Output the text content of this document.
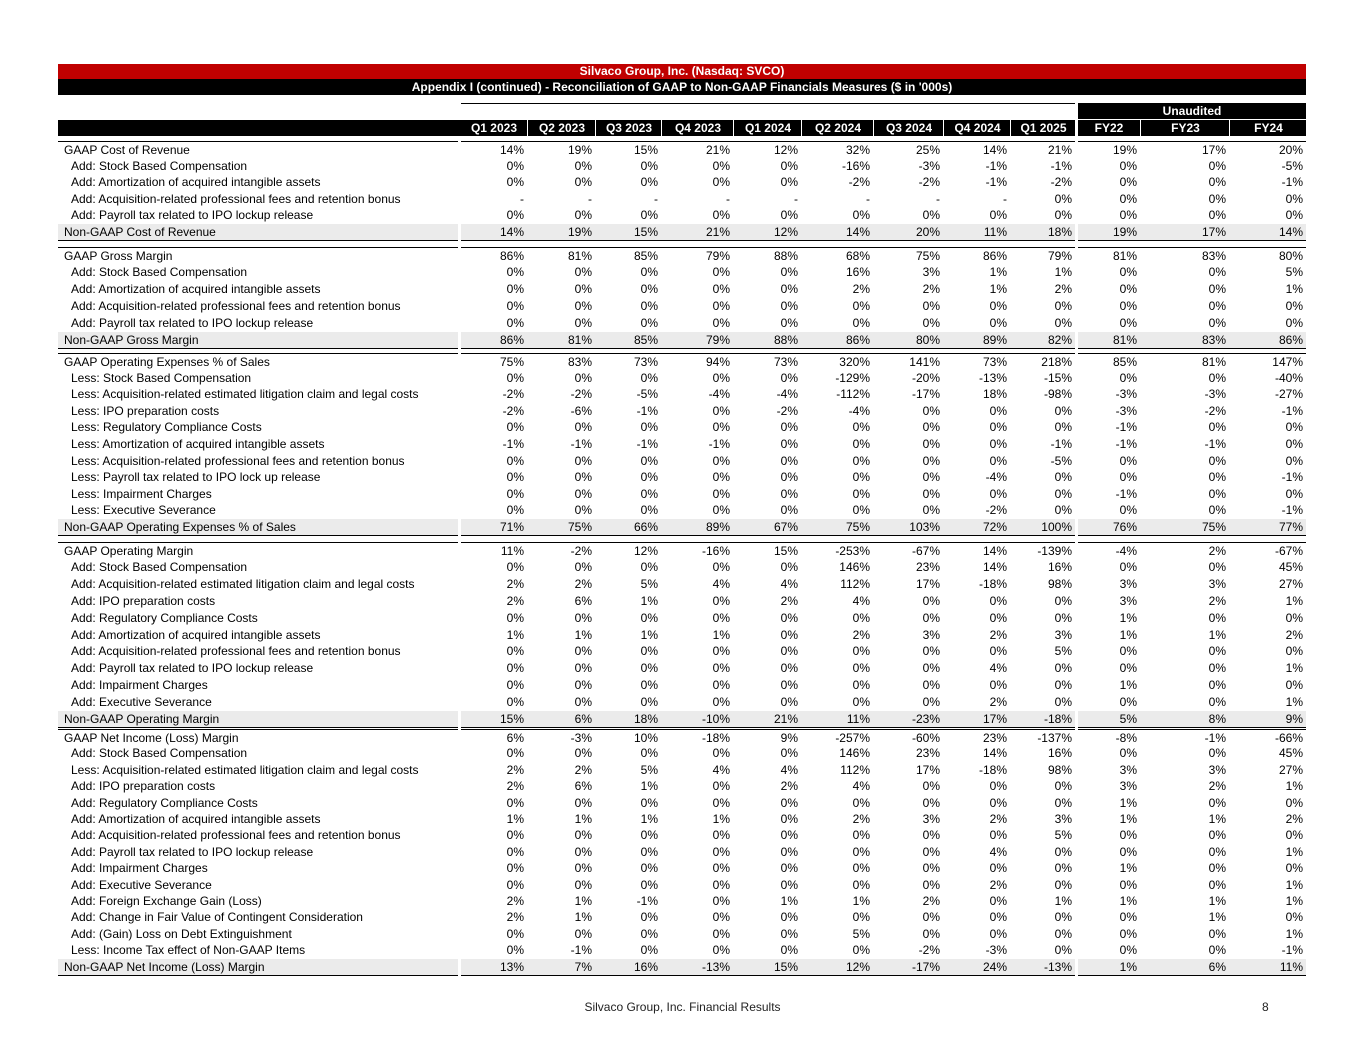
Silvaco Group, Inc. (Nasdaq: SVCO)
Appendix I (continued) - Reconciliation of GAAP to Non-GAAP Financials Measures ($ in '000s)
Unaudited
Q1 2023	Q2 2023	Q3 2023	Q4 2023	Q1 2024	Q2 2024	Q3 2024	Q4 2024	Q1 2025	FY22	FY23	FY24
GAAP Cost of Revenue	14%	19%	15%	21%	12%	32%	25%	14%	21%	19%	17%	20%
Add: Stock Based Compensation	0%	0%	0%	0%	0%	-16%	-3%	-1%	-1%	0%	0%	-5%
Add: Amortization of acquired intangible assets	0%	0%	0%	0%	0%	-2%	-2%	-1%	-2%	0%	0%	-1%
Add: Acquisition-related professional fees and retention bonus	-	-	-	-	-	-	-	-	0%	0%	0%	0%
Add: Payroll tax related to IPO lockup release	0%	0%	0%	0%	0%	0%	0%	0%	0%	0%	0%	0%
Non-GAAP Cost of Revenue	14%	19%	15%	21%	12%	14%	20%	11%	18%	19%	17%	14%
GAAP Gross Margin	86%	81%	85%	79%	88%	68%	75%	86%	79%	81%	83%	80%
Add: Stock Based Compensation	0%	0%	0%	0%	0%	16%	3%	1%	1%	0%	0%	5%
Add: Amortization of acquired intangible assets	0%	0%	0%	0%	0%	2%	2%	1%	2%	0%	0%	1%
Add: Acquisition-related professional fees and retention bonus	0%	0%	0%	0%	0%	0%	0%	0%	0%	0%	0%	0%
Add: Payroll tax related to IPO lockup release	0%	0%	0%	0%	0%	0%	0%	0%	0%	0%	0%	0%
Non-GAAP Gross Margin	86%	81%	85%	79%	88%	86%	80%	89%	82%	81%	83%	86%
GAAP Operating Expenses % of Sales	75%	83%	73%	94%	73%	320%	141%	73%	218%	85%	81%	147%
Less: Stock Based Compensation	0%	0%	0%	0%	0%	-129%	-20%	-13%	-15%	0%	0%	-40%
Less: Acquisition-related estimated litigation claim and legal costs	-2%	-2%	-5%	-4%	-4%	-112%	-17%	18%	-98%	-3%	-3%	-27%
Less: IPO preparation costs	-2%	-6%	-1%	0%	-2%	-4%	0%	0%	0%	-3%	-2%	-1%
Less: Regulatory Compliance Costs	0%	0%	0%	0%	0%	0%	0%	0%	0%	-1%	0%	0%
Less: Amortization of acquired intangible assets	-1%	-1%	-1%	-1%	0%	0%	0%	0%	-1%	-1%	-1%	0%
Less: Acquisition-related professional fees and retention bonus	0%	0%	0%	0%	0%	0%	0%	0%	-5%	0%	0%	0%
Less: Payroll tax related to IPO lock up release	0%	0%	0%	0%	0%	0%	0%	-4%	0%	0%	0%	-1%
Less: Impairment Charges	0%	0%	0%	0%	0%	0%	0%	0%	0%	-1%	0%	0%
Less: Executive Severance	0%	0%	0%	0%	0%	0%	0%	-2%	0%	0%	0%	-1%
Non-GAAP Operating Expenses % of Sales	71%	75%	66%	89%	67%	75%	103%	72%	100%	76%	75%	77%
GAAP Operating Margin	11%	-2%	12%	-16%	15%	-253%	-67%	14%	-139%	-4%	2%	-67%
Add: Stock Based Compensation	0%	0%	0%	0%	0%	146%	23%	14%	16%	0%	0%	45%
Add: Acquisition-related estimated litigation claim and legal costs	2%	2%	5%	4%	4%	112%	17%	-18%	98%	3%	3%	27%
Add: IPO preparation costs	2%	6%	1%	0%	2%	4%	0%	0%	0%	3%	2%	1%
Add: Regulatory Compliance Costs	0%	0%	0%	0%	0%	0%	0%	0%	0%	1%	0%	0%
Add: Amortization of acquired intangible assets	1%	1%	1%	1%	0%	2%	3%	2%	3%	1%	1%	2%
Add: Acquisition-related professional fees and retention bonus	0%	0%	0%	0%	0%	0%	0%	0%	5%	0%	0%	0%
Add: Payroll tax related to IPO lockup release	0%	0%	0%	0%	0%	0%	0%	4%	0%	0%	0%	1%
Add: Impairment Charges	0%	0%	0%	0%	0%	0%	0%	0%	0%	1%	0%	0%
Add: Executive Severance	0%	0%	0%	0%	0%	0%	0%	2%	0%	0%	0%	1%
Non-GAAP Operating Margin	15%	6%	18%	-10%	21%	11%	-23%	17%	-18%	5%	8%	9%
GAAP Net Income (Loss) Margin	6%	-3%	10%	-18%	9%	-257%	-60%	23%	-137%	-8%	-1%	-66%
Add: Stock Based Compensation	0%	0%	0%	0%	0%	146%	23%	14%	16%	0%	0%	45%
Less: Acquisition-related estimated litigation claim and legal costs	2%	2%	5%	4%	4%	112%	17%	-18%	98%	3%	3%	27%
Add: IPO preparation costs	2%	6%	1%	0%	2%	4%	0%	0%	0%	3%	2%	1%
Add: Regulatory Compliance Costs	0%	0%	0%	0%	0%	0%	0%	0%	0%	1%	0%	0%
Add: Amortization of acquired intangible assets	1%	1%	1%	1%	0%	2%	3%	2%	3%	1%	1%	2%
Add: Acquisition-related professional fees and retention bonus	0%	0%	0%	0%	0%	0%	0%	0%	5%	0%	0%	0%
Add: Payroll tax related to IPO lockup release	0%	0%	0%	0%	0%	0%	0%	4%	0%	0%	0%	1%
Add: Impairment Charges	0%	0%	0%	0%	0%	0%	0%	0%	0%	1%	0%	0%
Add: Executive Severance	0%	0%	0%	0%	0%	0%	0%	2%	0%	0%	0%	1%
Add: Foreign Exchange Gain (Loss)	2%	1%	-1%	0%	1%	1%	2%	0%	1%	1%	1%	1%
Add: Change in Fair Value of Contingent Consideration	2%	1%	0%	0%	0%	0%	0%	0%	0%	0%	1%	0%
Add: (Gain) Loss on Debt Extinguishment	0%	0%	0%	0%	0%	5%	0%	0%	0%	0%	0%	1%
Less: Income Tax effect of Non-GAAP Items	0%	-1%	0%	0%	0%	0%	-2%	-3%	0%	0%	0%	-1%
Non-GAAP Net Income (Loss) Margin	13%	7%	16%	-13%	15%	12%	-17%	24%	-13%	1%	6%	11%
Silvaco Group, Inc. Financial Results	8
